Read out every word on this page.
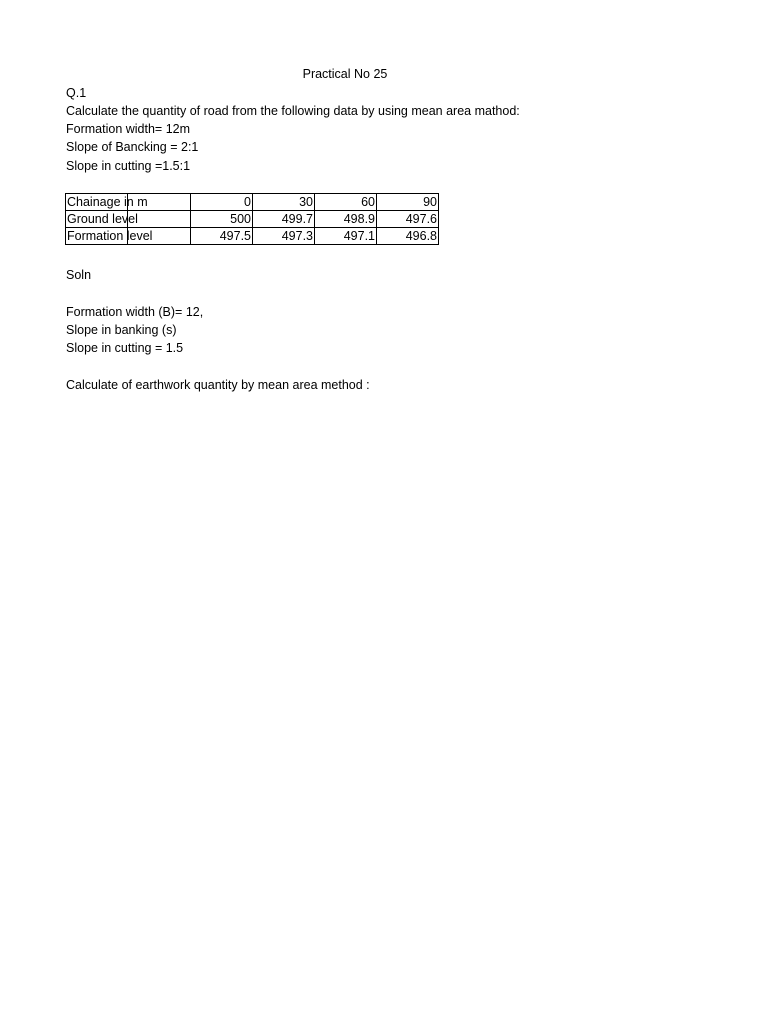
Practical No 25
Q.1
Calculate the quantity of road from the following data by using mean area mathod:
Formation width= 12m
Slope of Bancking = 2:1
Slope in cutting =1.5:1
Chainage in m	0	30	60	90

Ground level	500	499.7	498.9	497.6

Formation level	497.5	497.3	497.1	496.8
Soln
Formation width (B)= 12,
Slope in banking (s)
Slope in cutting = 1.5
Calculate of earthwork quantity by mean area method :
